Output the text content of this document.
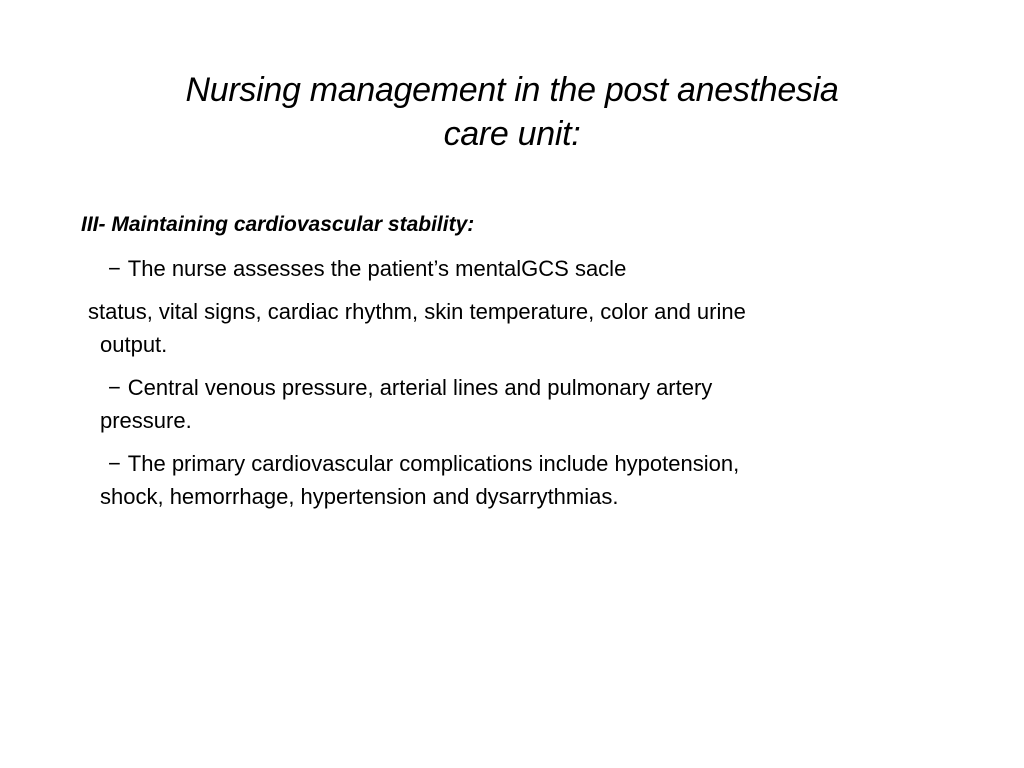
Nursing management in the post anesthesia
care unit:
III- Maintaining cardiovascular stability:
− The nurse assesses the patient’s mentalGCS sacle
status, vital signs, cardiac rhythm, skin temperature, color and urine
output.
− Central venous pressure, arterial lines and pulmonary artery
pressure.
− The primary cardiovascular complications include hypotension,
shock, hemorrhage, hypertension and dysarrythmias.
